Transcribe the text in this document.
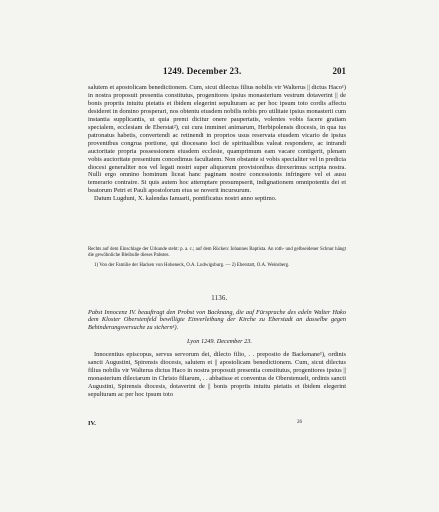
1249. December 23.	201

salutem et apostolicam benedictionem. Cum, sicut dilectus filius nobilis vir Walterus || dictus Haco¹) in nostra proposuit presentia constitutus, progenitores ipsius monasterium vestrum dotaverint || de bonis propriis intuitu pietatis et ibidem elegerint sepulturam ac per hoc ipsum toto cordis affectu desideret in domino prosperari, nos obtentu eiusdem nobilis nobis pro utilitate ipsius monasterii cum instantia supplicantis, ut quia premi dicitur onere paupertatis, volentes vobis facere gratiam specialem, ecclesiam de Eberstat²), cui cura imminet animarum, Herbipolensis diocesis, in qua ius patronatus habetis, convertendi ac retinendi in proprios usus reservata eiusdem vicario de ipsius proventibus congrua portione, qui diocesano loci de spiritualibus valeat respondere, ac intrandi auctoritate propria possessionem eiusdem ecclesie, quamprimum eam vacare contigerit, plenam vobis auctoritate presentium concedimus facultatem. Non obstante si vobis specialiter vel in predicta diocesi generaliter nos vel legati nostri super aliquorum provisionibus direxerimus scripta nostra. Nulli ergo omnino hominum liceat hanc paginam nostre concessionis infringere vel ei ausu temerario contraire. Si quis autem hoc attemptare presumpserit, indignationem omnipotentis dei et beatorum Petri et Pauli apostolorum eius se noverit incursurum.

Datum Lugduni, X. kalendas Ianuarii, pontificatus nostri anno septimo.

Rechts auf dem Einschlage der Urkunde steht: p. a. c.; auf dem Rücken: Iohannes Baptista. An roth- und gelbseidener Schnur hängt die gewöhnliche Bleibulle dieses Pabstes.

1) Von der Familie der Hacken von Hoheneck, O.A. Ludwigsburg. — 2) Eberstatt, O.A. Weinsberg.

1136.

Pabst Innocenz IV. beauftragt den Probst von Backnang, die auf Fürsprache des edeln Walter Hako dem Kloster Oberstenfeld bewilligte Einverleibung der Kirche zu Eberstadt an dasselbe gegen Behinderungsversuche zu sichern¹).

Lyon 1249. December 23.

Innocentius episcopus, servus servorum dei, dilecto filio, . . preposito de Backenane¹), ordinis sancti Augustini, Spirensis diocesis, salutem et || apostolicam benedictionem. Cum, sicut dilectus filius nobilis vir Walterus dictus Haco in nostra proposuit presentia constitutus, progenitores ipsius || monasterium dilectarum in Christo filiarum, . . abbatisse et conventus de Oberstenuelt, ordinis sancti Augustini, Spirensis diocesis, dotaverint de || bonis propriis intuitu pietatis et ibidem elegerint sepulturam ac per hoc ipsum toto

IV.	26
